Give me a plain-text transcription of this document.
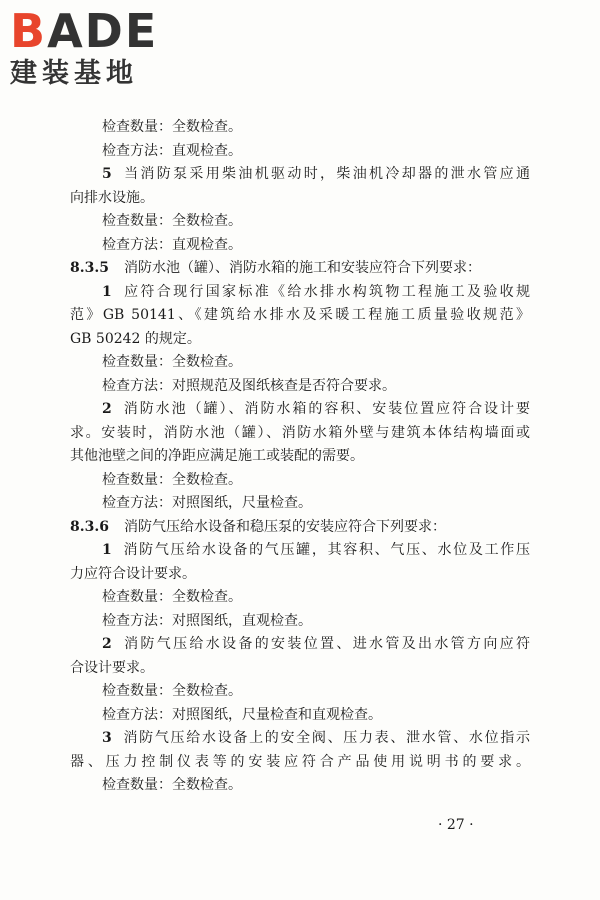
BADE
建装基地
检查数量：全数检查。
检查方法：直观检查。
5 当消防泵采用柴油机驱动时，柴油机冷却器的泄水管应通
向排水设施。
检查数量：全数检查。
检查方法：直观检查。
8.3.5 消防水池（罐）、消防水箱的施工和安装应符合下列要求：
1 应符合现行国家标准《给水排水构筑物工程施工及验收规
范》GB 50141、《建筑给水排水及采暖工程施工质量验收规范》
GB 50242 的规定。
检查数量：全数检查。
检查方法：对照规范及图纸核查是否符合要求。
2 消防水池（罐）、消防水箱的容积、安装位置应符合设计要
求。安装时，消防水池（罐）、消防水箱外壁与建筑本体结构墙面或
其他池壁之间的净距应满足施工或装配的需要。
检查数量：全数检查。
检查方法：对照图纸，尺量检查。
8.3.6 消防气压给水设备和稳压泵的安装应符合下列要求：
1 消防气压给水设备的气压罐，其容积、气压、水位及工作压
力应符合设计要求。
检查数量：全数检查。
检查方法：对照图纸，直观检查。
2 消防气压给水设备的安装位置、进水管及出水管方向应符
合设计要求。
检查数量：全数检查。
检查方法：对照图纸，尺量检查和直观检查。
3 消防气压给水设备上的安全阀、压力表、泄水管、水位指示
器、压力控制仪表等的安装应符合产品使用说明书的要求。
检查数量：全数检查。
· 27 ·
